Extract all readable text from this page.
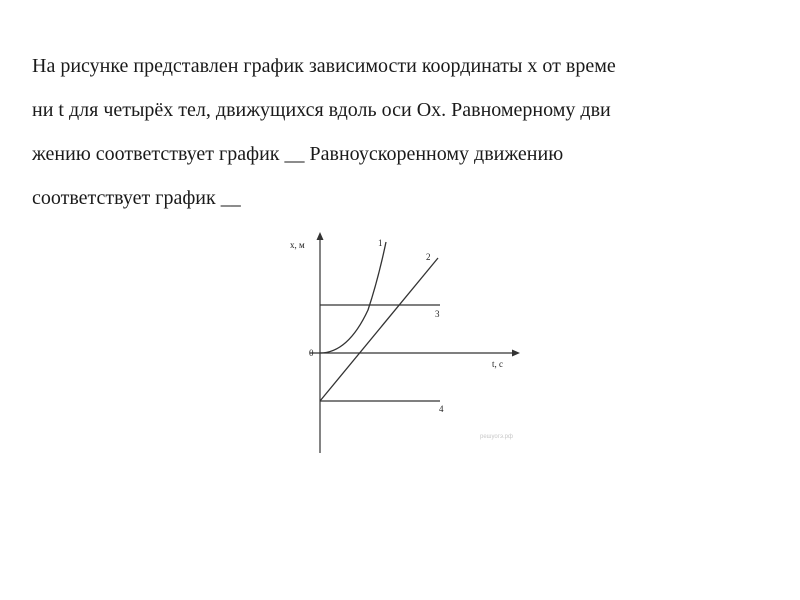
На рисунке представлен график зависимости координаты x от време
ни t для четырёх тел, движущихся вдоль оси Ox. Равномерному дви
жению соответствует график __ Равноускоренному движению
соответствует график __
x, м
t, c
0
1
2
3
4
решуогэ.рф
